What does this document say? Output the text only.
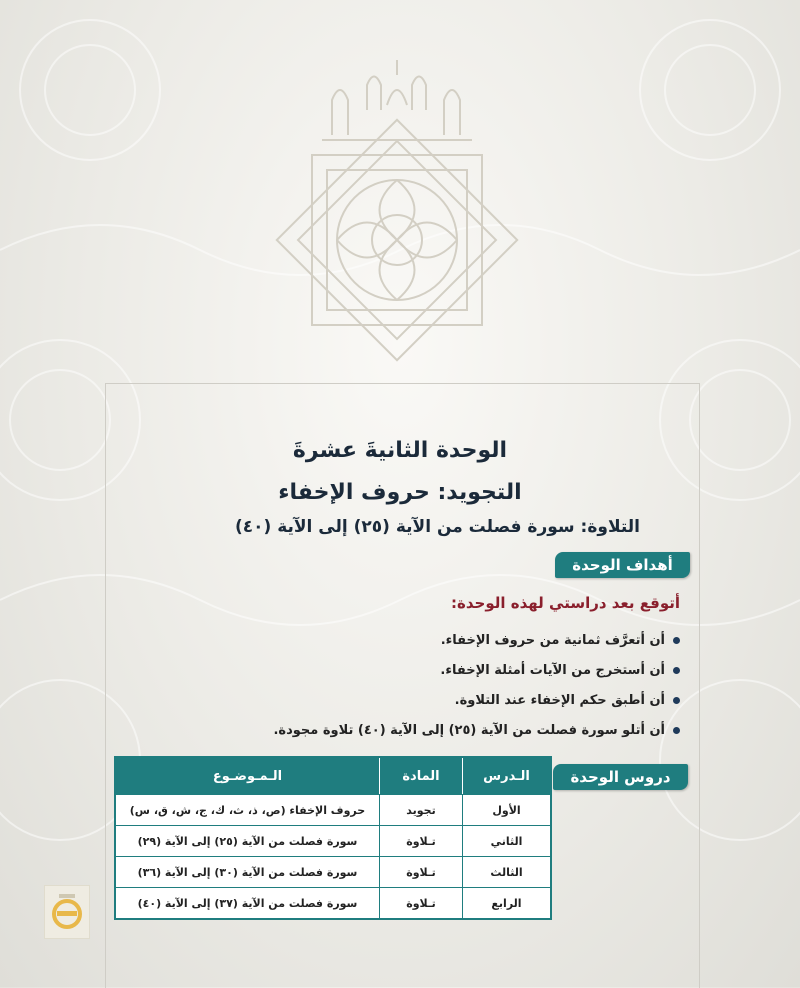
الوحدة الثانيةَ عشرةَ
التجويد: حروف الإخفاء
التلاوة: سورة فصلت من الآية (٢٥) إلى الآية (٤٠)
أهداف الوحدة
أتوقع بعد دراستي لهذه الوحدة:
أن أتعرَّف ثمانية من حروف الإخفاء.
أن أستخرج من الآيات أمثلة الإخفاء.
أن أطبق حكم الإخفاء عند التلاوة.
أن أتلو سورة فصلت من الآية (٢٥) إلى الآية (٤٠) تلاوة مجودة.
دروس الوحدة
الـدرس	المادة	الـمـوضـوع
الأول	تجويد	حروف الإخفاء (ص، ذ، ث، ك، ج، ش، ق، س)
الثاني	تـلاوة	سورة فصلت من الآية (٢٥) إلى الآية (٢٩)
الثالث	تـلاوة	سورة فصلت من الآية (٣٠) إلى الآية (٣٦)
الرابع	تـلاوة	سورة فصلت من الآية (٣٧) إلى الآية (٤٠)
